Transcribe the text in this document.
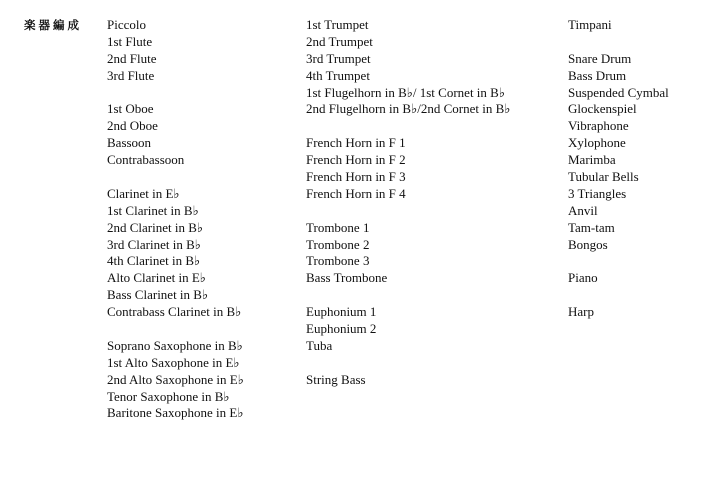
楽器編成 Piccolo
1st Flute
2nd Flute
3rd Flute
1st Oboe
2nd Oboe
Bassoon
Contrabassoon
Clarinet in E♭
1st Clarinet in B♭
2nd Clarinet in B♭
3rd Clarinet in B♭
4th Clarinet in B♭
Alto Clarinet in E♭
Bass Clarinet in B♭
Contrabass Clarinet in B♭
Soprano Saxophone in B♭
1st Alto Saxophone in E♭
2nd Alto Saxophone in E♭
Tenor Saxophone in B♭
Baritone Saxophone in E♭
1st Trumpet
2nd Trumpet
3rd Trumpet
4th Trumpet
1st Flugelhorn in B♭/ 1st Cornet in B♭
2nd Flugelhorn in B♭/2nd Cornet in B♭
French Horn in F 1
French Horn in F 2
French Horn in F 3
French Horn in F 4
Trombone 1
Trombone 2
Trombone 3
Bass Trombone
Euphonium 1
Euphonium 2
Tuba
String Bass
Timpani
Snare Drum
Bass Drum
Suspended Cymbal
Glockenspiel
Vibraphone
Xylophone
Marimba
Tubular Bells
3 Triangles
Anvil
Tam-tam
Bongos
Piano
Harp
